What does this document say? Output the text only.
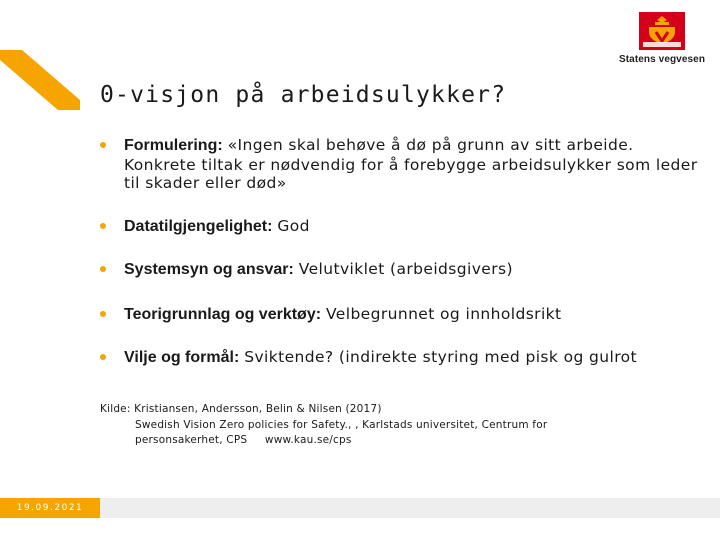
Statens vegvesen
0-visjon på arbeidsulykker?
Formulering: «Ingen skal behøve å dø på grunn av sitt arbeide. Konkrete tiltak er nødvendig for å forebygge arbeidsulykker som leder til skader eller død»
Datatilgjengelighet: God
Systemsyn og ansvar: Velutviklet (arbeidsgivers)
Teorigrunnlag og verktøy: Velbegrunnet og innholdsrikt
Vilje og formål: Sviktende? (indirekte styring med pisk og gulrot
Kilde: Kristiansen, Andersson, Belin & Nilsen (2017)
Swedish Vision Zero policies for Safety., , Karlstads universitet, Centrum for
personsakerhet, CPS     www.kau.se/cps
19.09.2021
